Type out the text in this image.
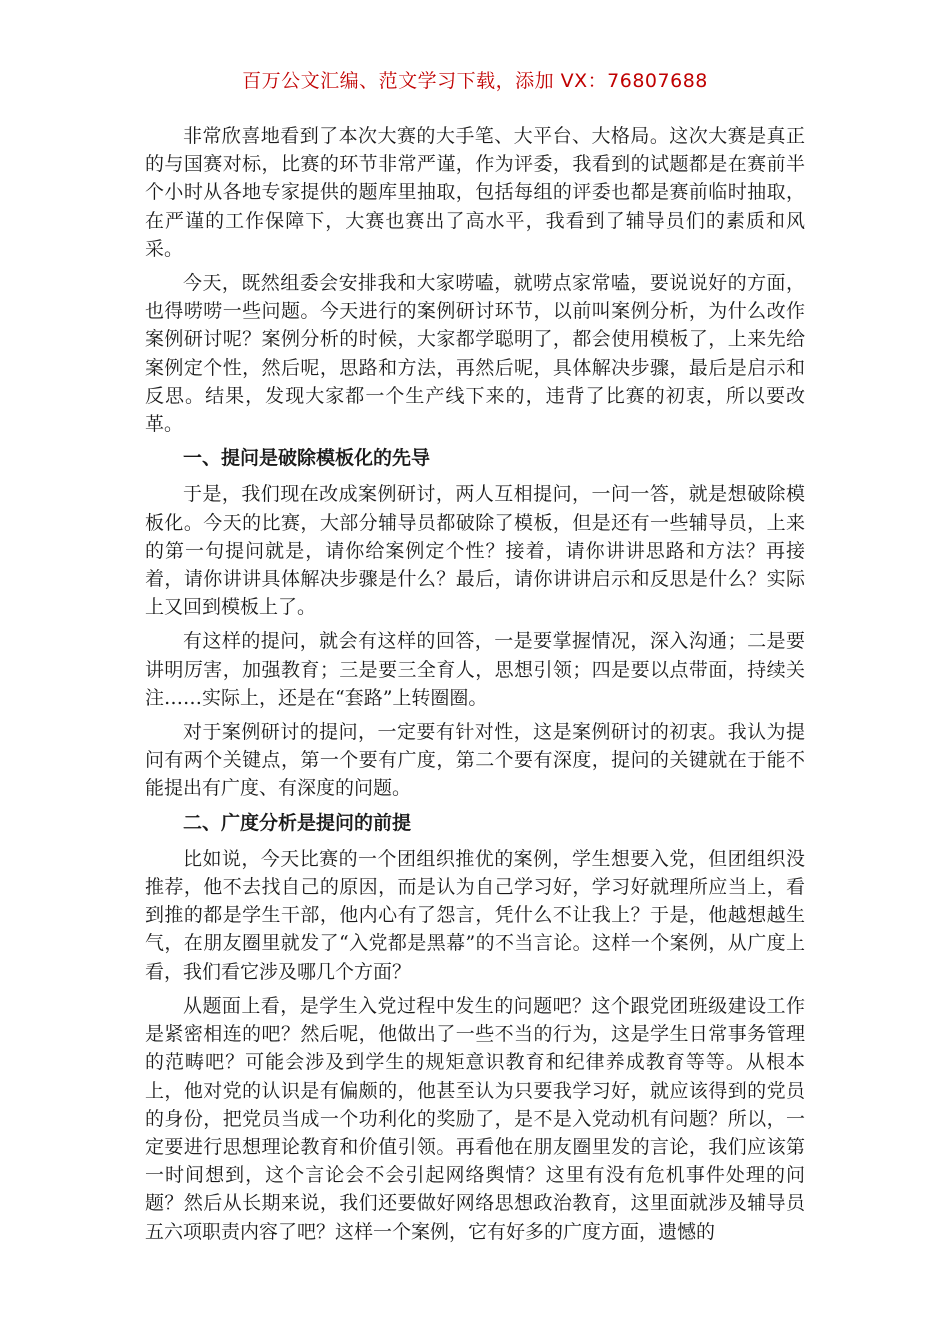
百万公文汇编、范文学习下载，添加 VX：76807688

非常欣喜地看到了本次大赛的大手笔、大平台、大格局。这次大赛是真正的与国赛对标，比赛的环节非常严谨，作为评委，我看到的试题都是在赛前半个小时从各地专家提供的题库里抽取，包括每组的评委也都是赛前临时抽取，在严谨的工作保障下，大赛也赛出了高水平，我看到了辅导员们的素质和风采。

今天，既然组委会安排我和大家唠嗑，就唠点家常嗑，要说说好的方面，也得唠唠一些问题。今天进行的案例研讨环节，以前叫案例分析，为什么改作案例研讨呢？案例分析的时候，大家都学聪明了，都会使用模板了，上来先给案例定个性，然后呢，思路和方法，再然后呢，具体解决步骤，最后是启示和反思。结果，发现大家都一个生产线下来的，违背了比赛的初衷，所以要改革。

一、提问是破除模板化的先导

于是，我们现在改成案例研讨，两人互相提问，一问一答，就是想破除模板化。今天的比赛，大部分辅导员都破除了模板，但是还有一些辅导员，上来的第一句提问就是，请你给案例定个性？接着，请你讲讲思路和方法？再接着，请你讲讲具体解决步骤是什么？最后，请你讲讲启示和反思是什么？实际上又回到模板上了。

有这样的提问，就会有这样的回答，一是要掌握情况，深入沟通；二是要讲明厉害，加强教育；三是要三全育人，思想引领；四是要以点带面，持续关注……实际上，还是在“套路”上转圈圈。

对于案例研讨的提问，一定要有针对性，这是案例研讨的初衷。我认为提问有两个关键点，第一个要有广度，第二个要有深度，提问的关键就在于能不能提出有广度、有深度的问题。

二、广度分析是提问的前提

比如说，今天比赛的一个团组织推优的案例，学生想要入党，但团组织没推荐，他不去找自己的原因，而是认为自己学习好，学习好就理所应当上，看到推的都是学生干部，他内心有了怨言，凭什么不让我上？于是，他越想越生气，在朋友圈里就发了“入党都是黑幕”的不当言论。这样一个案例，从广度上看，我们看它涉及哪几个方面？

从题面上看，是学生入党过程中发生的问题吧？这个跟党团班级建设工作是紧密相连的吧？然后呢，他做出了一些不当的行为，这是学生日常事务管理的范畴吧？可能会涉及到学生的规矩意识教育和纪律养成教育等等。从根本上，他对党的认识是有偏颇的，他甚至认为只要我学习好，就应该得到的党员的身份，把党员当成一个功利化的奖励了，是不是入党动机有问题？所以，一定要进行思想理论教育和价值引领。再看他在朋友圈里发的言论，我们应该第一时间想到，这个言论会不会引起网络舆情？这里有没有危机事件处理的问题？然后从长期来说，我们还要做好网络思想政治教育，这里面就涉及辅导员五六项职责内容了吧？这样一个案例，它有好多的广度方面，遗憾的
